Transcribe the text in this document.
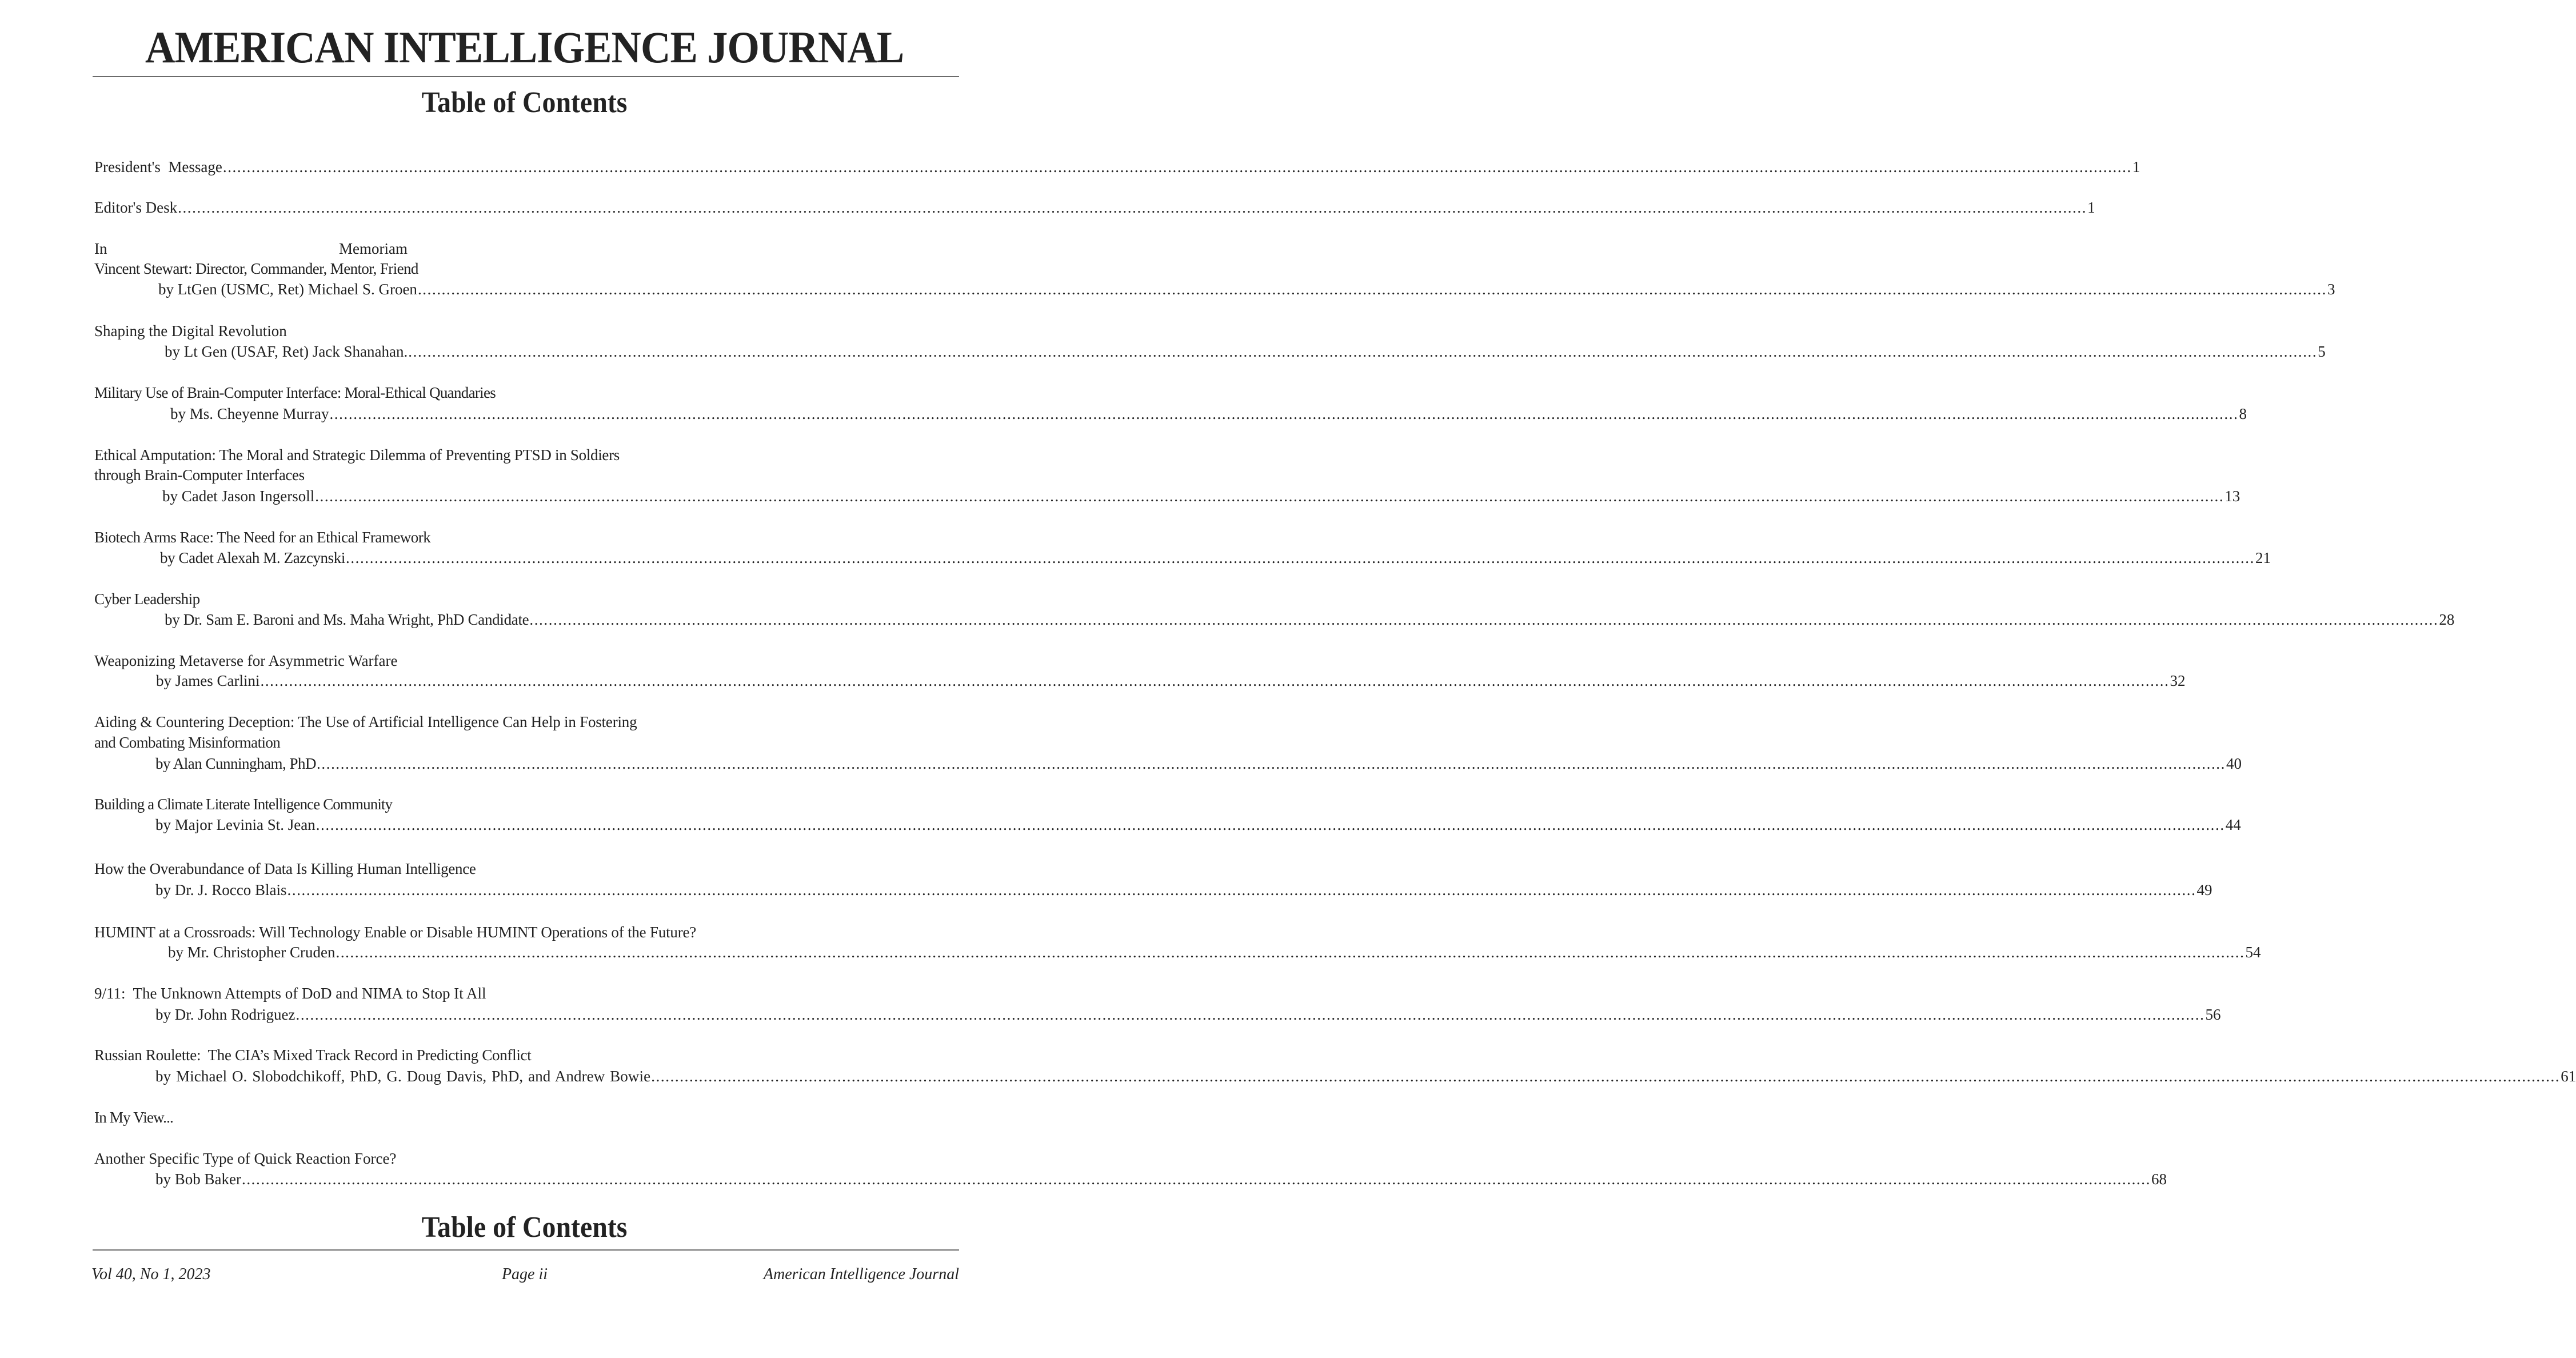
AMERICAN INTELLIGENCE JOURNAL
Table of Contents
President's  Message ................................................................................................................................................................................................................................................................................................................................................................................................................ 1
Editor's Desk ................................................................................................................................................................................................................................................................................................................................................................................................................ 1
In	Memoriam
Vincent Stewart: Director, Commander, Mentor, Friend
by LtGen (USMC, Ret) Michael S. Groen ................................................................................................................................................................................................................................................................................................................................................................................................................ 3
Shaping the Digital Revolution
by Lt Gen (USAF, Ret) Jack Shanahan. ................................................................................................................................................................................................................................................................................................................................................................................................................ 5
Military Use of Brain-Computer Interface: Moral-Ethical Quandaries
by Ms. Cheyenne Murray ................................................................................................................................................................................................................................................................................................................................................................................................................ 8
Ethical Amputation: The Moral and Strategic Dilemma of Preventing PTSD in Soldiers
through Brain-Computer Interfaces
by Cadet Jason Ingersoll ................................................................................................................................................................................................................................................................................................................................................................................................................ 13
Biotech Arms Race: The Need for an Ethical Framework
by Cadet Alexah M. Zazcynski ................................................................................................................................................................................................................................................................................................................................................................................................................ 21
Cyber Leadership
by Dr. Sam E. Baroni and Ms. Maha Wright, PhD Candidate ................................................................................................................................................................................................................................................................................................................................................................................................................ 28
Weaponizing Metaverse for Asymmetric Warfare
by James Carlini ................................................................................................................................................................................................................................................................................................................................................................................................................ 32
Aiding & Countering Deception: The Use of Artificial Intelligence Can Help in Fostering
and Combating Misinformation
by Alan Cunningham, PhD ................................................................................................................................................................................................................................................................................................................................................................................................................ 40
Building a Climate Literate Intelligence Community
by Major Levinia St. Jean ................................................................................................................................................................................................................................................................................................................................................................................................................ 44
How the Overabundance of Data Is Killing Human Intelligence
by Dr. J. Rocco Blais ................................................................................................................................................................................................................................................................................................................................................................................................................ 49
HUMINT at a Crossroads: Will Technology Enable or Disable HUMINT Operations of the Future?
by Mr. Christopher Cruden ................................................................................................................................................................................................................................................................................................................................................................................................................ 54
9/11:  The Unknown Attempts of DoD and NIMA to Stop It All
by Dr. John Rodriguez ................................................................................................................................................................................................................................................................................................................................................................................................................ 56
Russian Roulette:  The CIA’s Mixed Track Record in Predicting Conflict
by Michael O. Slobodchikoff, PhD, G. Doug Davis, PhD, and Andrew Bowie ................................................................................................................................................................................................................................................................................................................................................................................................................ 61
In My View...
Another Specific Type of Quick Reaction Force?
by Bob Baker ................................................................................................................................................................................................................................................................................................................................................................................................................ 68
Table of Contents
Vol 40, No 1, 2023	Page ii	American Intelligence Journal
